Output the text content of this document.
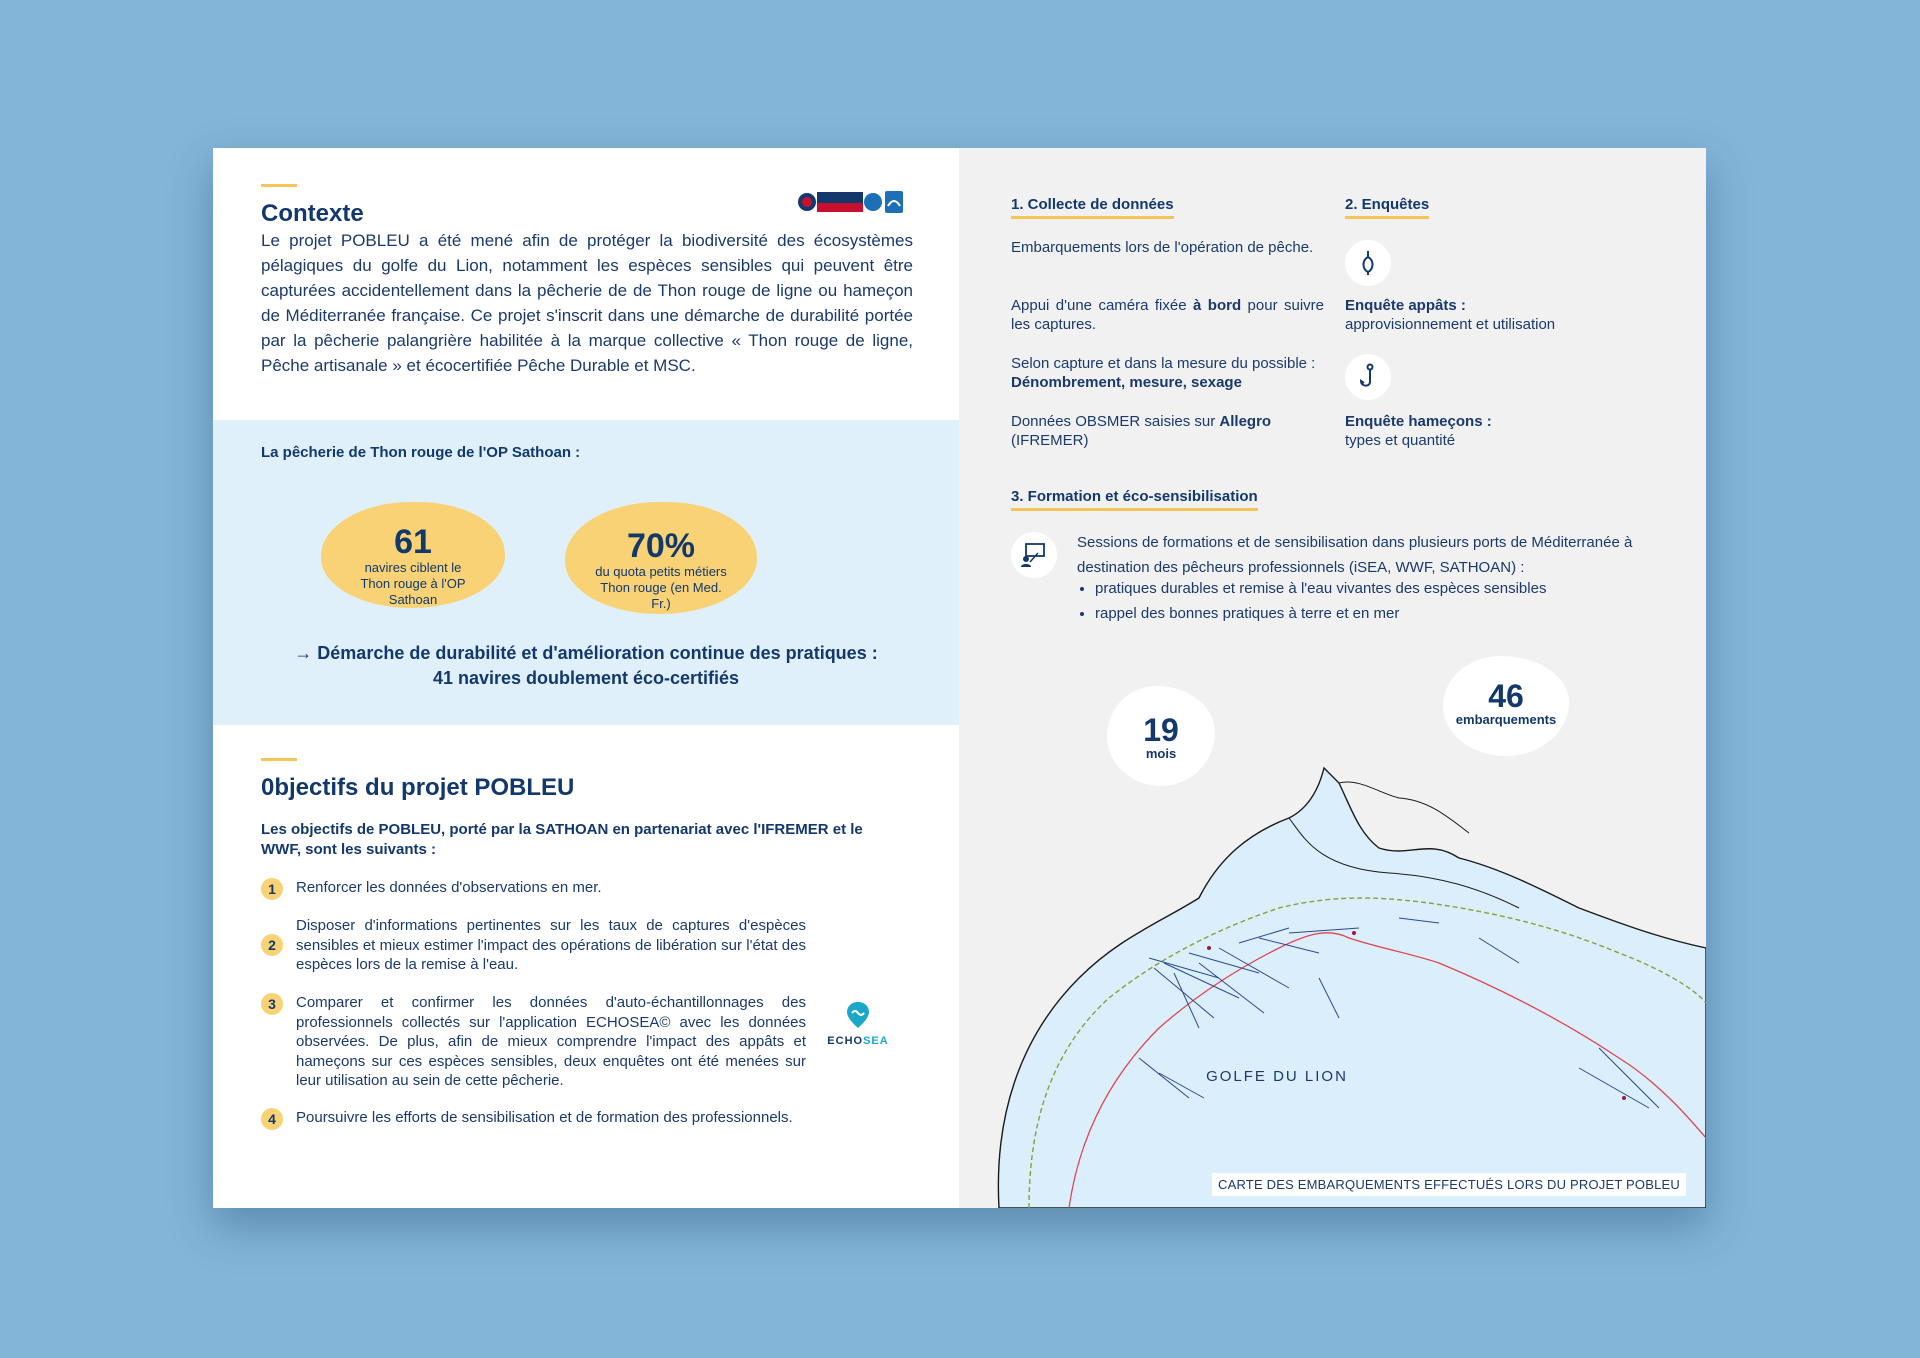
Contexte

Le projet POBLEU a été mené afin de protéger la biodiversité des écosystèmes pélagiques du golfe du Lion, notamment les espèces sensibles qui peuvent être capturées accidentellement dans la pêcherie de de Thon rouge de ligne ou hameçon de Méditerranée française. Ce projet s'inscrit dans une démarche de durabilité portée par la pêcherie palangrière habilitée à la marque collective « Thon rouge de ligne, Pêche artisanale » et écocertifiée Pêche Durable et MSC.

La pêcherie de Thon rouge de l'OP Sathoan :
61
navires ciblent le Thon rouge à l'OP Sathoan
70%
du quota petits métiers Thon rouge (en Med. Fr.)
→ Démarche de durabilité et d'amélioration continue des pratiques :
41 navires doublement éco-certifiés
0bjectifs du projet POBLEU
Les objectifs de POBLEU, porté par la SATHOAN en partenariat avec l'IFREMER et le WWF, sont les suivants :
1	Renforcer les données d'observations en mer.
2
Disposer d'informations pertinentes sur les taux de captures d'espèces sensibles et mieux estimer l'impact des opérations de libération sur l'état des espèces lors de la remise à l'eau.
3	Comparer et confirmer les données d'auto-échantillonnages des professionnels collectés sur l'application ECHOSEA© avec les données observées. De plus, afin de mieux comprendre l'impact des appâts et hameçons sur ces espèces sensibles, deux enquêtes ont été menées sur leur utilisation au sein de cette pêcherie.
4	Poursuivre les efforts de sensibilisation et de formation des professionnels.
ECHOSEA
1. Collecte de données
Embarquements lors de l'opération de pêche.
Appui d'une caméra fixée à bord pour suivre les captures.
Selon capture et dans la mesure du possible :
Dénombrement, mesure, sexage
Données OBSMER saisies sur Allegro
(IFREMER)
2. Enquêtes
Enquête appâts :
approvisionnement et utilisation
Enquête hameçons :
types et quantité
3. Formation et éco-sensibilisation
Sessions de formations et de sensibilisation dans plusieurs ports de Méditerranée à destination des pêcheurs professionnels (iSEA, WWF, SATHOAN) :
• pratiques durables et remise à l'eau vivantes des espèces sensibles
• rappel des bonnes pratiques à terre et en mer
GOLFE DU LION
19
mois
46
embarquements
CARTE DES EMBARQUEMENTS EFFECTUÉS LORS DU PROJET POBLEU
